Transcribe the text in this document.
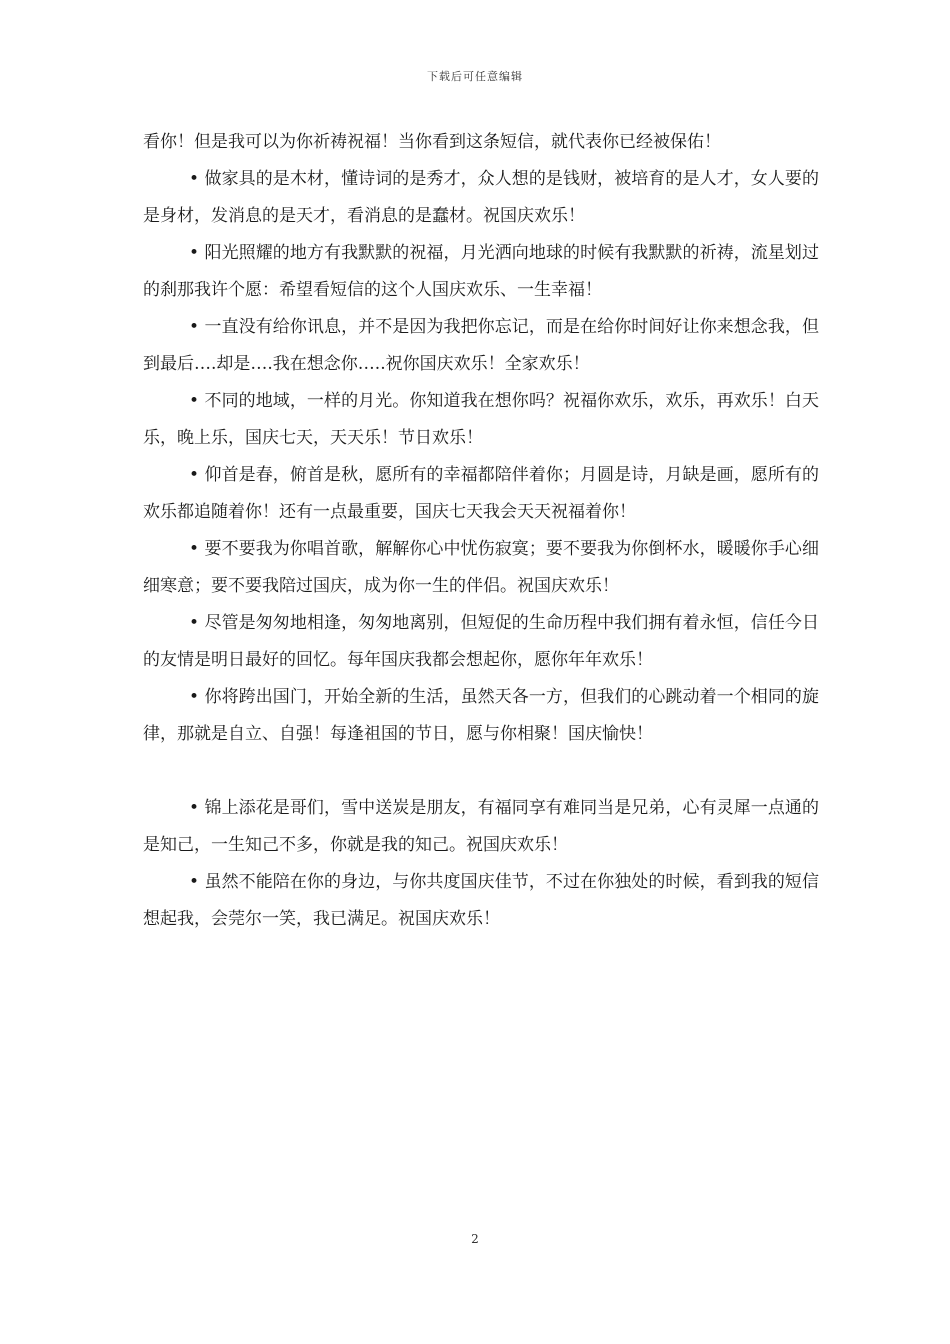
下载后可任意编辑

看你！但是我可以为你祈祷祝福！当你看到这条短信，就代表你已经被保佑！

• 做家具的是木材，懂诗词的是秀才，众人想的是钱财，被培育的是人才，女人要的是身材，发消息的是天才，看消息的是蠢材。祝国庆欢乐！

• 阳光照耀的地方有我默默的祝福，月光洒向地球的时候有我默默的祈祷，流星划过的刹那我许个愿：希望看短信的这个人国庆欢乐、一生幸福！

• 一直没有给你讯息，并不是因为我把你忘记，而是在给你时间好让你来想念我，但到最后….却是….我在想念你…..祝你国庆欢乐！全家欢乐！

• 不同的地域，一样的月光。你知道我在想你吗？祝福你欢乐，欢乐，再欢乐！白天乐，晚上乐，国庆七天，天天乐！节日欢乐！

• 仰首是春，俯首是秋，愿所有的幸福都陪伴着你；月圆是诗，月缺是画，愿所有的欢乐都追随着你！还有一点最重要，国庆七天我会天天祝福着你！

• 要不要我为你唱首歌，解解你心中忧伤寂寞；要不要我为你倒杯水，暖暖你手心细细寒意；要不要我陪过国庆，成为你一生的伴侣。祝国庆欢乐！

• 尽管是匆匆地相逢，匆匆地离别，但短促的生命历程中我们拥有着永恒，信任今日的友情是明日最好的回忆。每年国庆我都会想起你，愿你年年欢乐！

• 你将跨出国门，开始全新的生活，虽然天各一方，但我们的心跳动着一个相同的旋律，那就是自立、自强！每逢祖国的节日，愿与你相聚！国庆愉快！

• 锦上添花是哥们，雪中送炭是朋友，有福同享有难同当是兄弟，心有灵犀一点通的是知己，一生知己不多，你就是我的知己。祝国庆欢乐！

• 虽然不能陪在你的身边，与你共度国庆佳节，不过在你独处的时候，看到我的短信想起我，会莞尔一笑，我已满足。祝国庆欢乐！

2
